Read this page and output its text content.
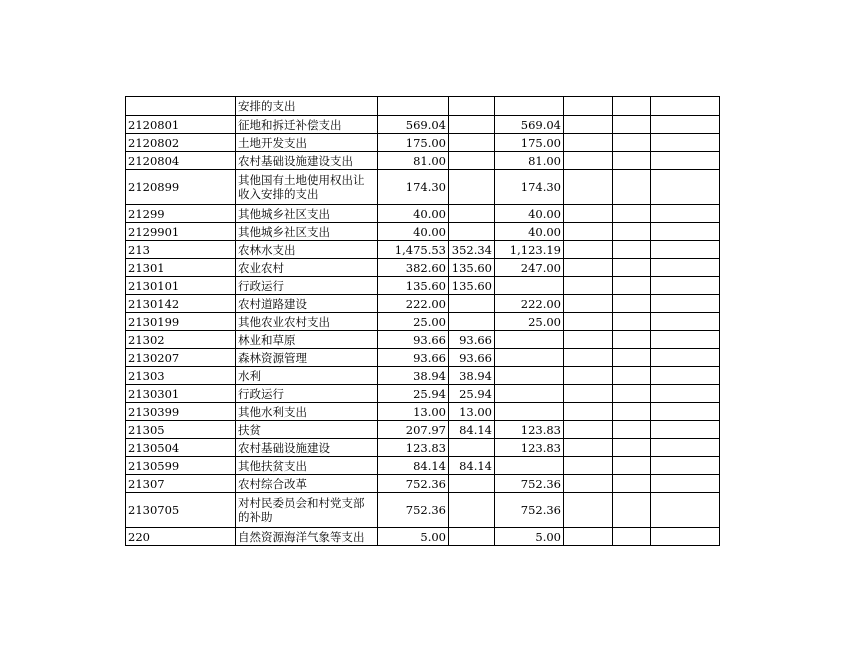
	安排的支出						
2120801	征地和拆迁补偿支出	569.04		569.04			
2120802	土地开发支出	175.00		175.00			
2120804	农村基础设施建设支出	81.00		81.00			
2120899	其他国有土地使用权出让收入安排的支出	174.30		174.30			
21299	其他城乡社区支出	40.00		40.00			
2129901	其他城乡社区支出	40.00		40.00			
213	农林水支出	1,475.53	352.34	1,123.19			
21301	农业农村	382.60	135.60	247.00			
2130101	行政运行	135.60	135.60				
2130142	农村道路建设	222.00		222.00			
2130199	其他农业农村支出	25.00		25.00			
21302	林业和草原	93.66	93.66				
2130207	森林资源管理	93.66	93.66				
21303	水利	38.94	38.94				
2130301	行政运行	25.94	25.94				
2130399	其他水利支出	13.00	13.00				
21305	扶贫	207.97	84.14	123.83			
2130504	农村基础设施建设	123.83		123.83			
2130599	其他扶贫支出	84.14	84.14				
21307	农村综合改革	752.36		752.36			
2130705	对村民委员会和村党支部的补助	752.36		752.36			
220	自然资源海洋气象等支出	5.00		5.00			
